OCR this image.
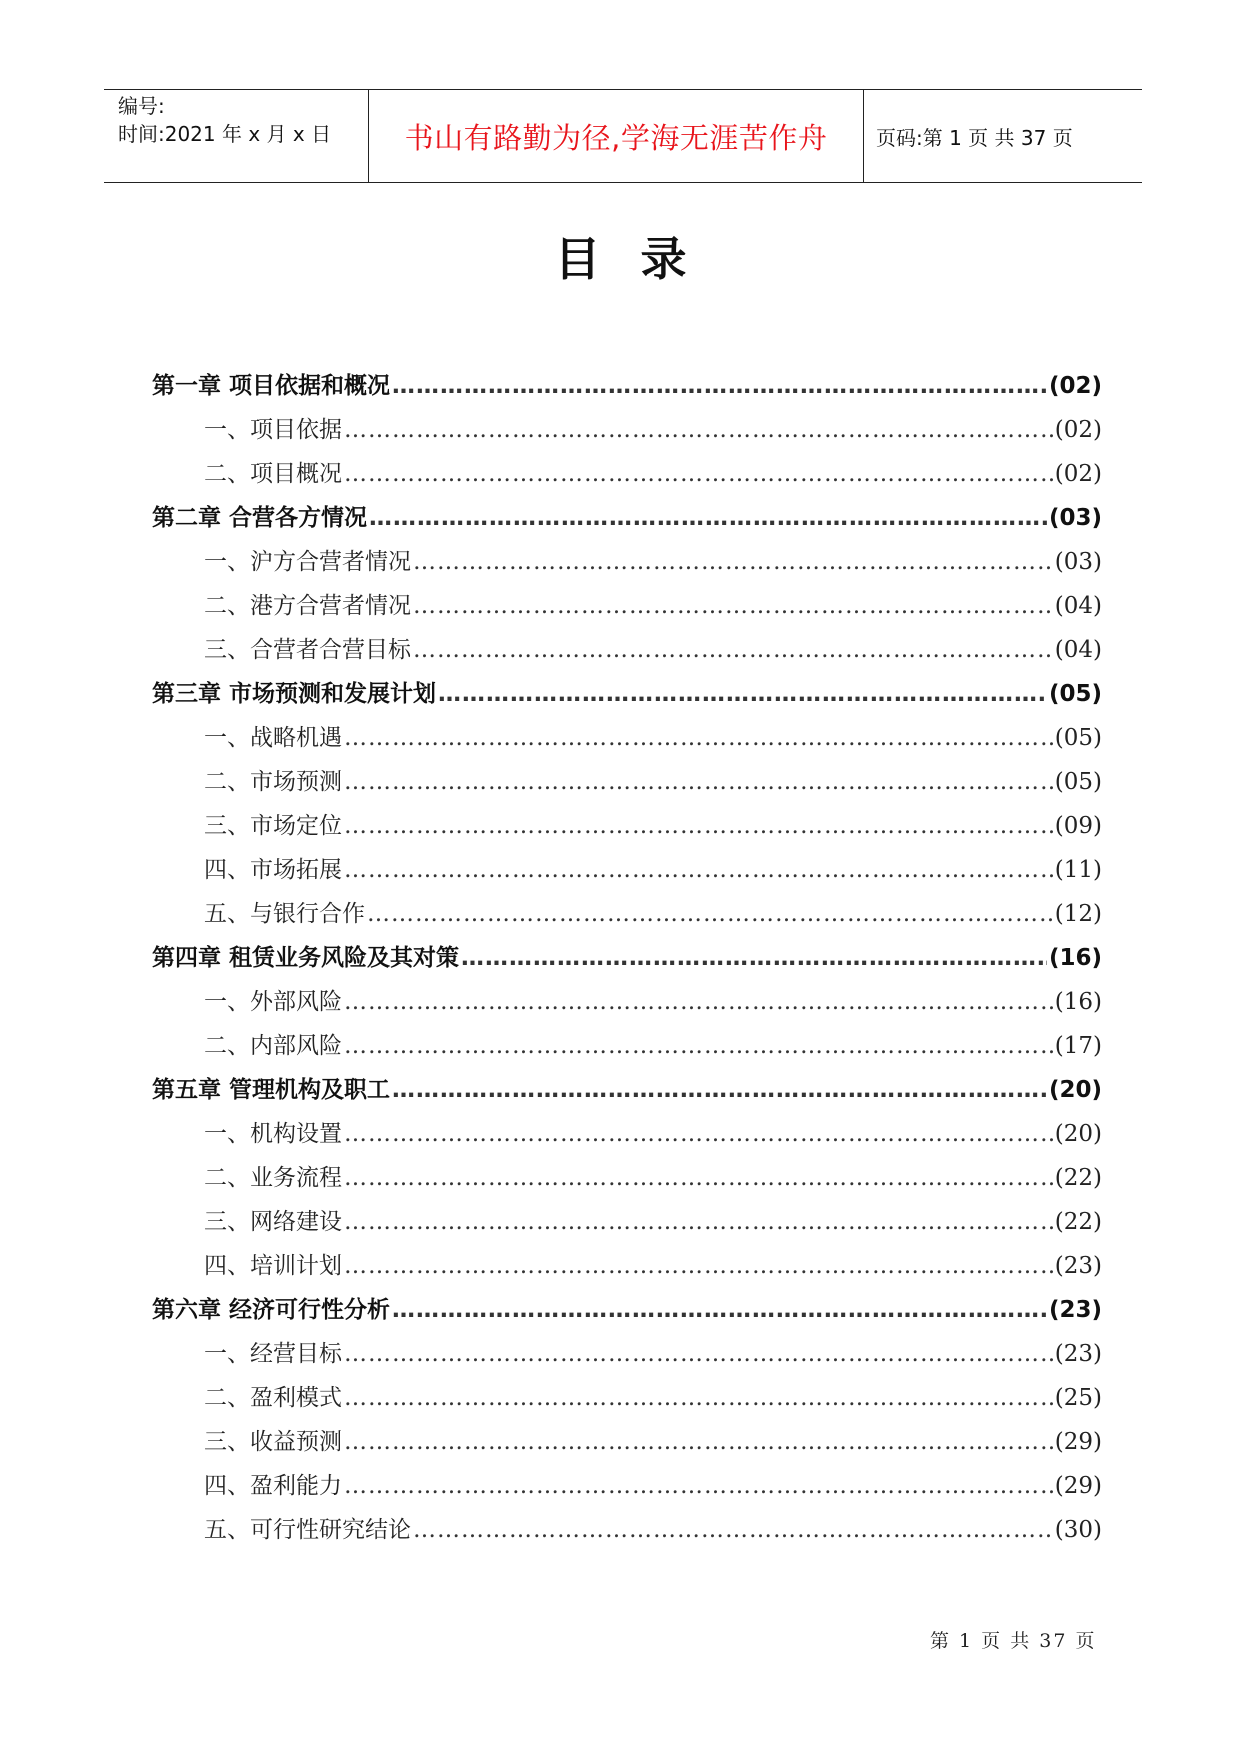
编号:
时间:2021 年 x 月 x 日	书山有路勤为径,学海无涯苦作舟 页码:第 1 页 共 37 页
目录
第一章 项目依据和概况 ………………………………………………………………………………………………………………………………………………………………………	(02)
一、项目依据 ……………………………………………………………………………………………………………………………………………………………………………………	(02)
二、项目概况 ……………………………………………………………………………………………………………………………………………………………………………………	(02)
第二章 合营各方情况 ………………………………………………………………………………………………………………………………………………………………………	(03)
一、沪方合营者情况 ……………………………………………………………………………………………………………………………………………………………………………………	(03)
二、港方合营者情况 ……………………………………………………………………………………………………………………………………………………………………………………	(04)
三、合营者合营目标 ……………………………………………………………………………………………………………………………………………………………………………………	(04)
第三章 市场预测和发展计划 ………………………………………………………………………………………………………………………………………………………………………	(05)
一、战略机遇 ……………………………………………………………………………………………………………………………………………………………………………………	(05)
二、市场预测 ……………………………………………………………………………………………………………………………………………………………………………………	(05)
三、市场定位 ……………………………………………………………………………………………………………………………………………………………………………………	(09)
四、市场拓展 ……………………………………………………………………………………………………………………………………………………………………………………	(11)
五、与银行合作 ……………………………………………………………………………………………………………………………………………………………………………………	(12)
第四章 租赁业务风险及其对策 ………………………………………………………………………………………………………………………………………………………………………	(16)
一、外部风险 ……………………………………………………………………………………………………………………………………………………………………………………	(16)
二、内部风险 ……………………………………………………………………………………………………………………………………………………………………………………	(17)
第五章 管理机构及职工 ………………………………………………………………………………………………………………………………………………………………………	(20)
一、机构设置 ……………………………………………………………………………………………………………………………………………………………………………………	(20)
二、业务流程 ……………………………………………………………………………………………………………………………………………………………………………………	(22)
三、网络建设 ……………………………………………………………………………………………………………………………………………………………………………………	(22)
四、培训计划 ……………………………………………………………………………………………………………………………………………………………………………………	(23)
第六章 经济可行性分析 ………………………………………………………………………………………………………………………………………………………………………	(23)
一、经营目标 ……………………………………………………………………………………………………………………………………………………………………………………	(23)
二、盈利模式 ……………………………………………………………………………………………………………………………………………………………………………………	(25)
三、收益预测 ……………………………………………………………………………………………………………………………………………………………………………………	(29)
四、盈利能力 ……………………………………………………………………………………………………………………………………………………………………………………	(29)
五、可行性研究结论 ……………………………………………………………………………………………………………………………………………………………………………………	(30)
第 1 页 共 37 页
